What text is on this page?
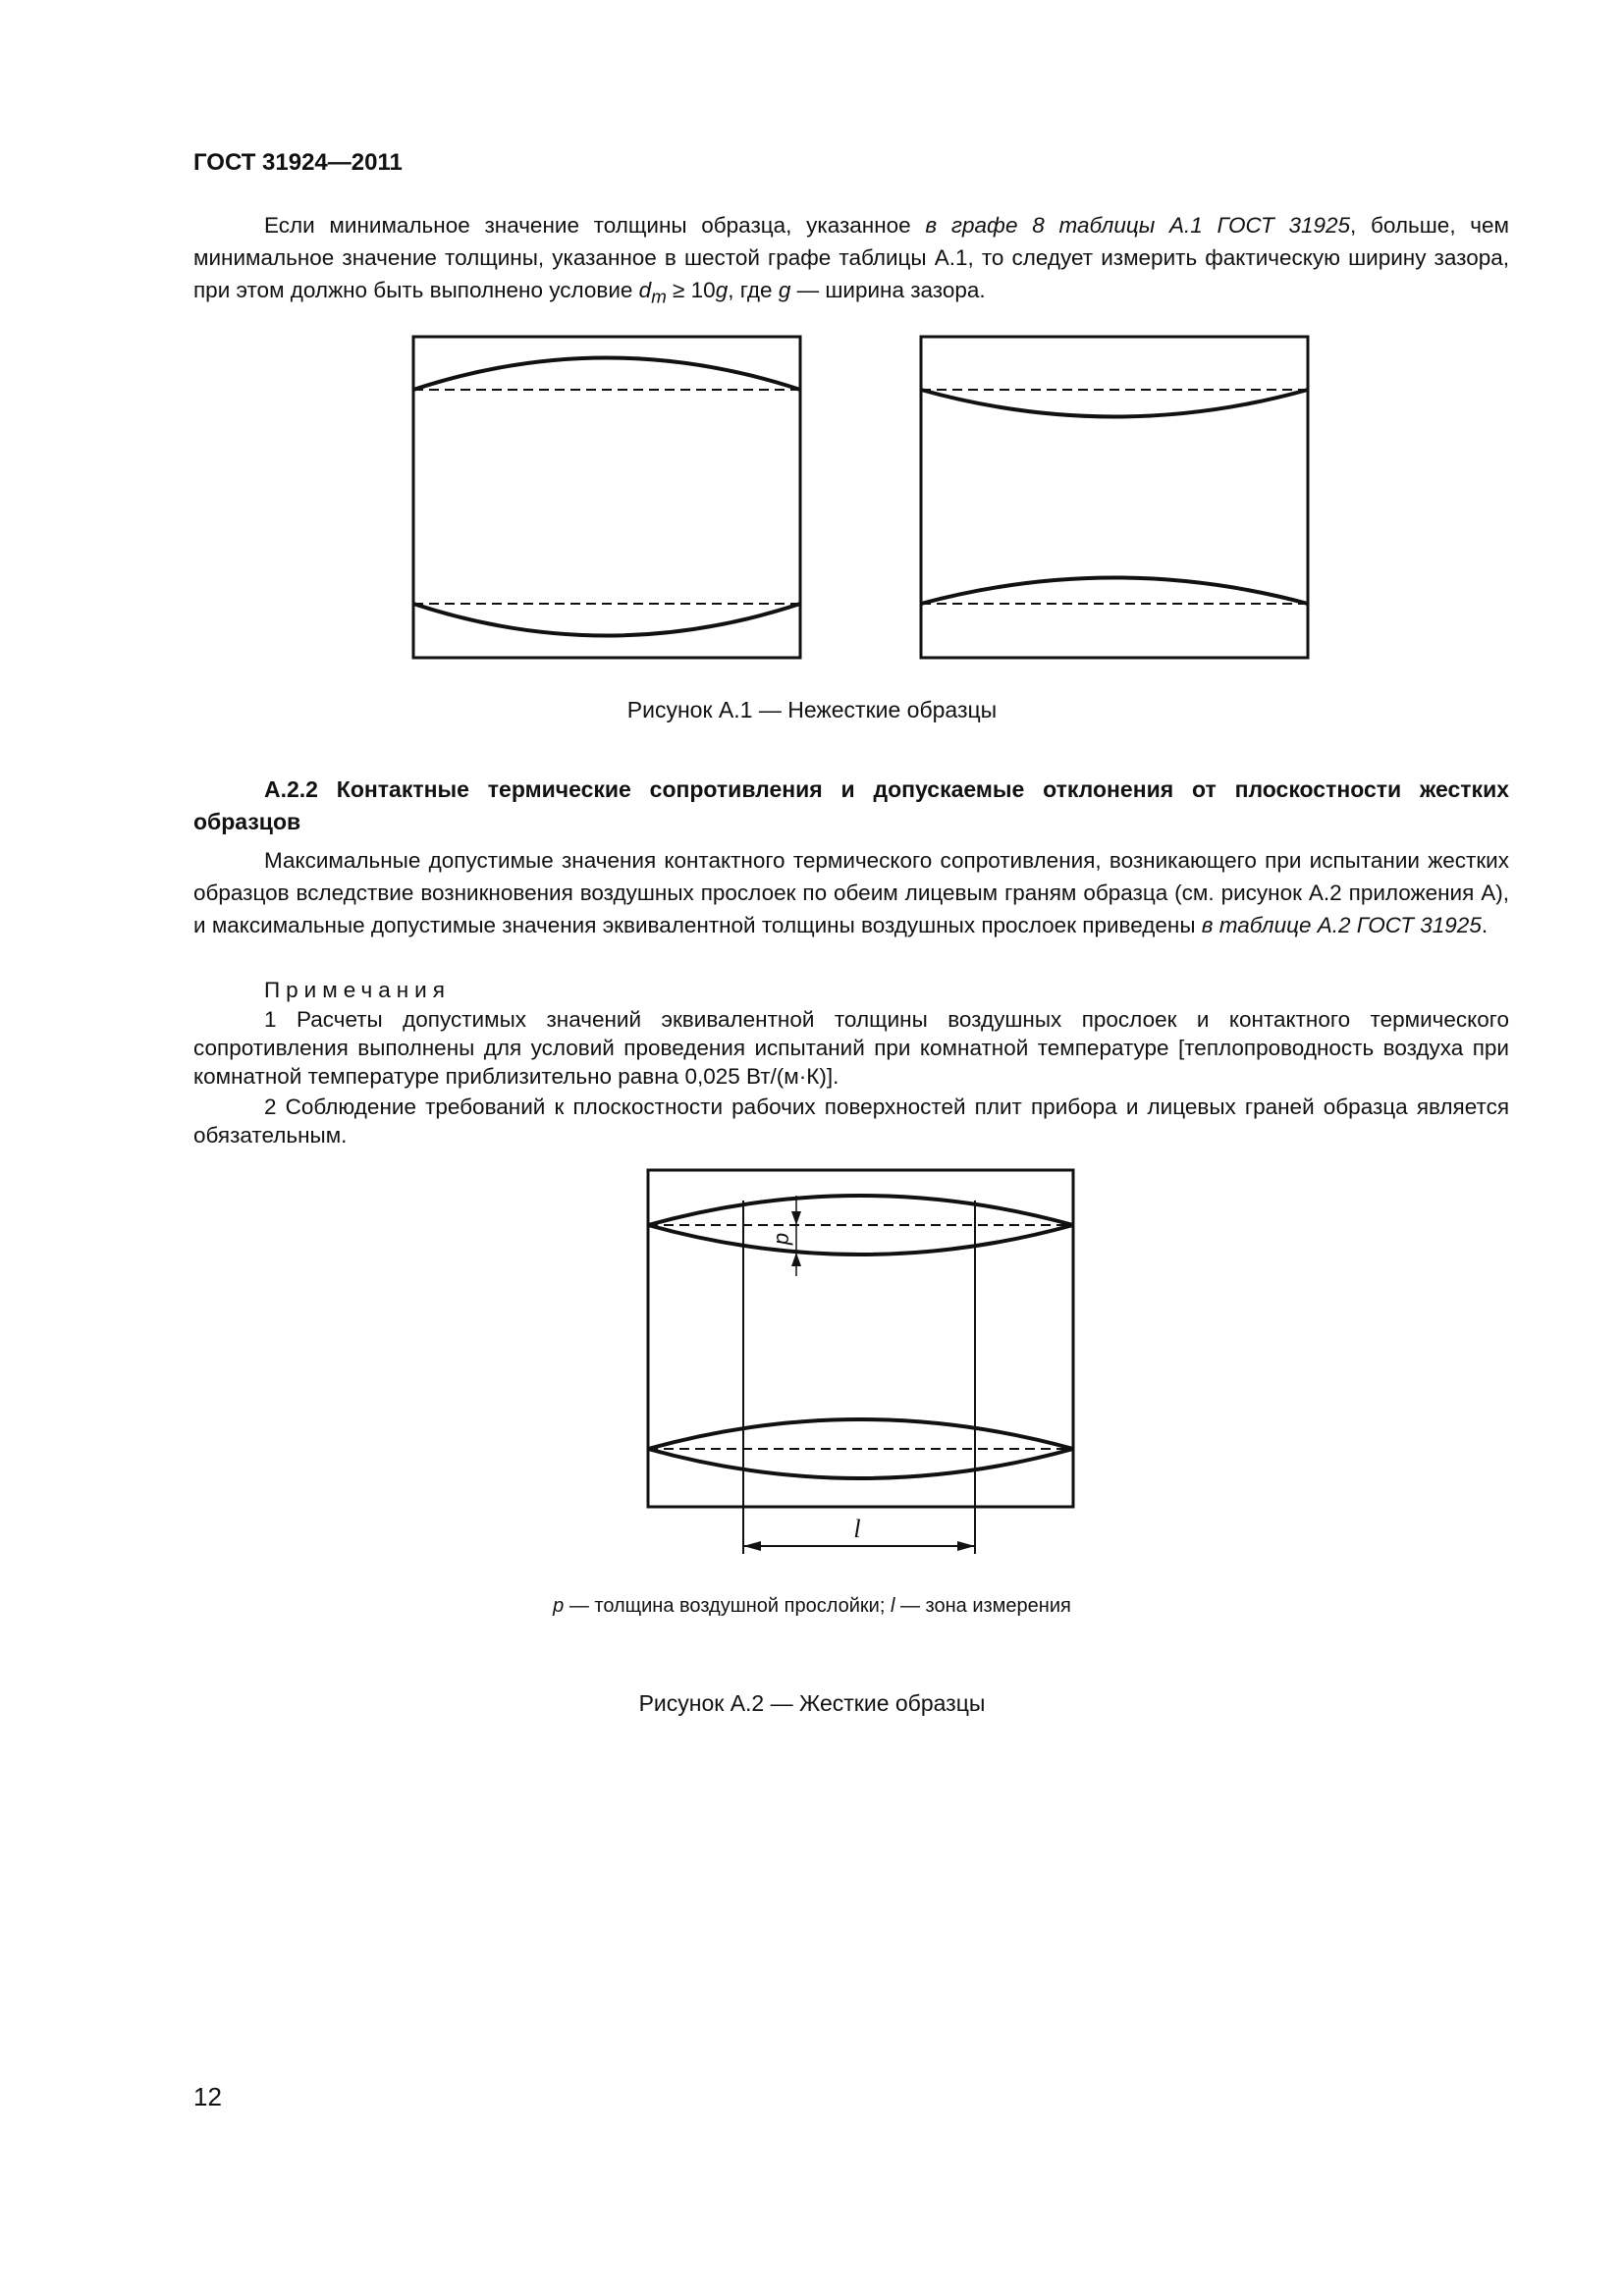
ГОСТ 31924—2011
Если минимальное значение толщины образца, указанное в графе 8 таблицы А.1 ГОСТ 31925, больше, чем минимальное значение толщины, указанное в шестой графе таблицы А.1, то следует измерить фактическую ширину зазора, при этом должно быть выполнено условие $d_m \ge 10g$, где g — ширина зазора.
p
l
Рисунок А.1 — Нежесткие образцы
А.2.2 Контактные термические сопротивления и допускаемые отклонения от плоскостности жестких образцов
Максимальные допустимые значения контактного термического сопротивления, возникающего при испытании жестких образцов вследствие возникновения воздушных прослоек по обеим лицевым граням образца (см. рисунок А.2 приложения А), и максимальные допустимые значения эквивалентной толщины воздушных прослоек приведены в таблице А.2 ГОСТ 31925.
Примечания
1 Расчеты допустимых значений эквивалентной толщины воздушных прослоек и контактного термического сопротивления выполнены для условий проведения испытаний при комнатной температуре [теплопроводность воздуха при комнатной температуре приблизительно равна 0,025 Вт/(м·К)].
2 Соблюдение требований к плоскостности рабочих поверхностей плит прибора и лицевых граней образца является обязательным.
p — толщина воздушной прослойки; l — зона измерения
Рисунок А.2 — Жесткие образцы
12
